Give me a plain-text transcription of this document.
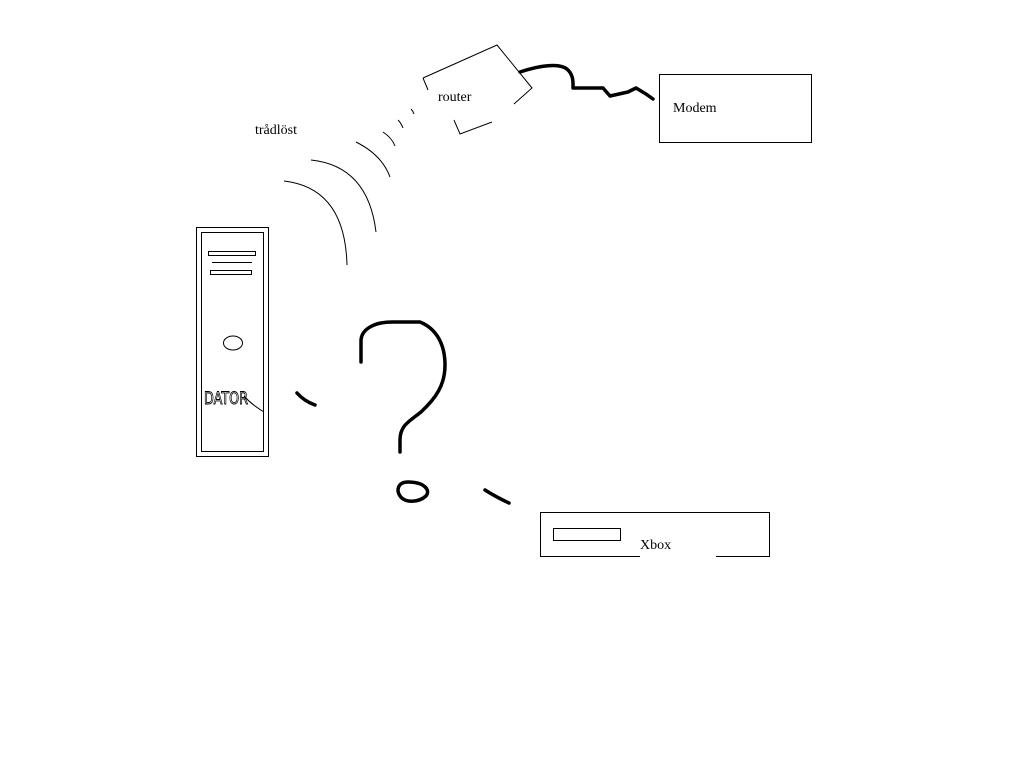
router
Modem
trådlöst
DATOR
Xbox
